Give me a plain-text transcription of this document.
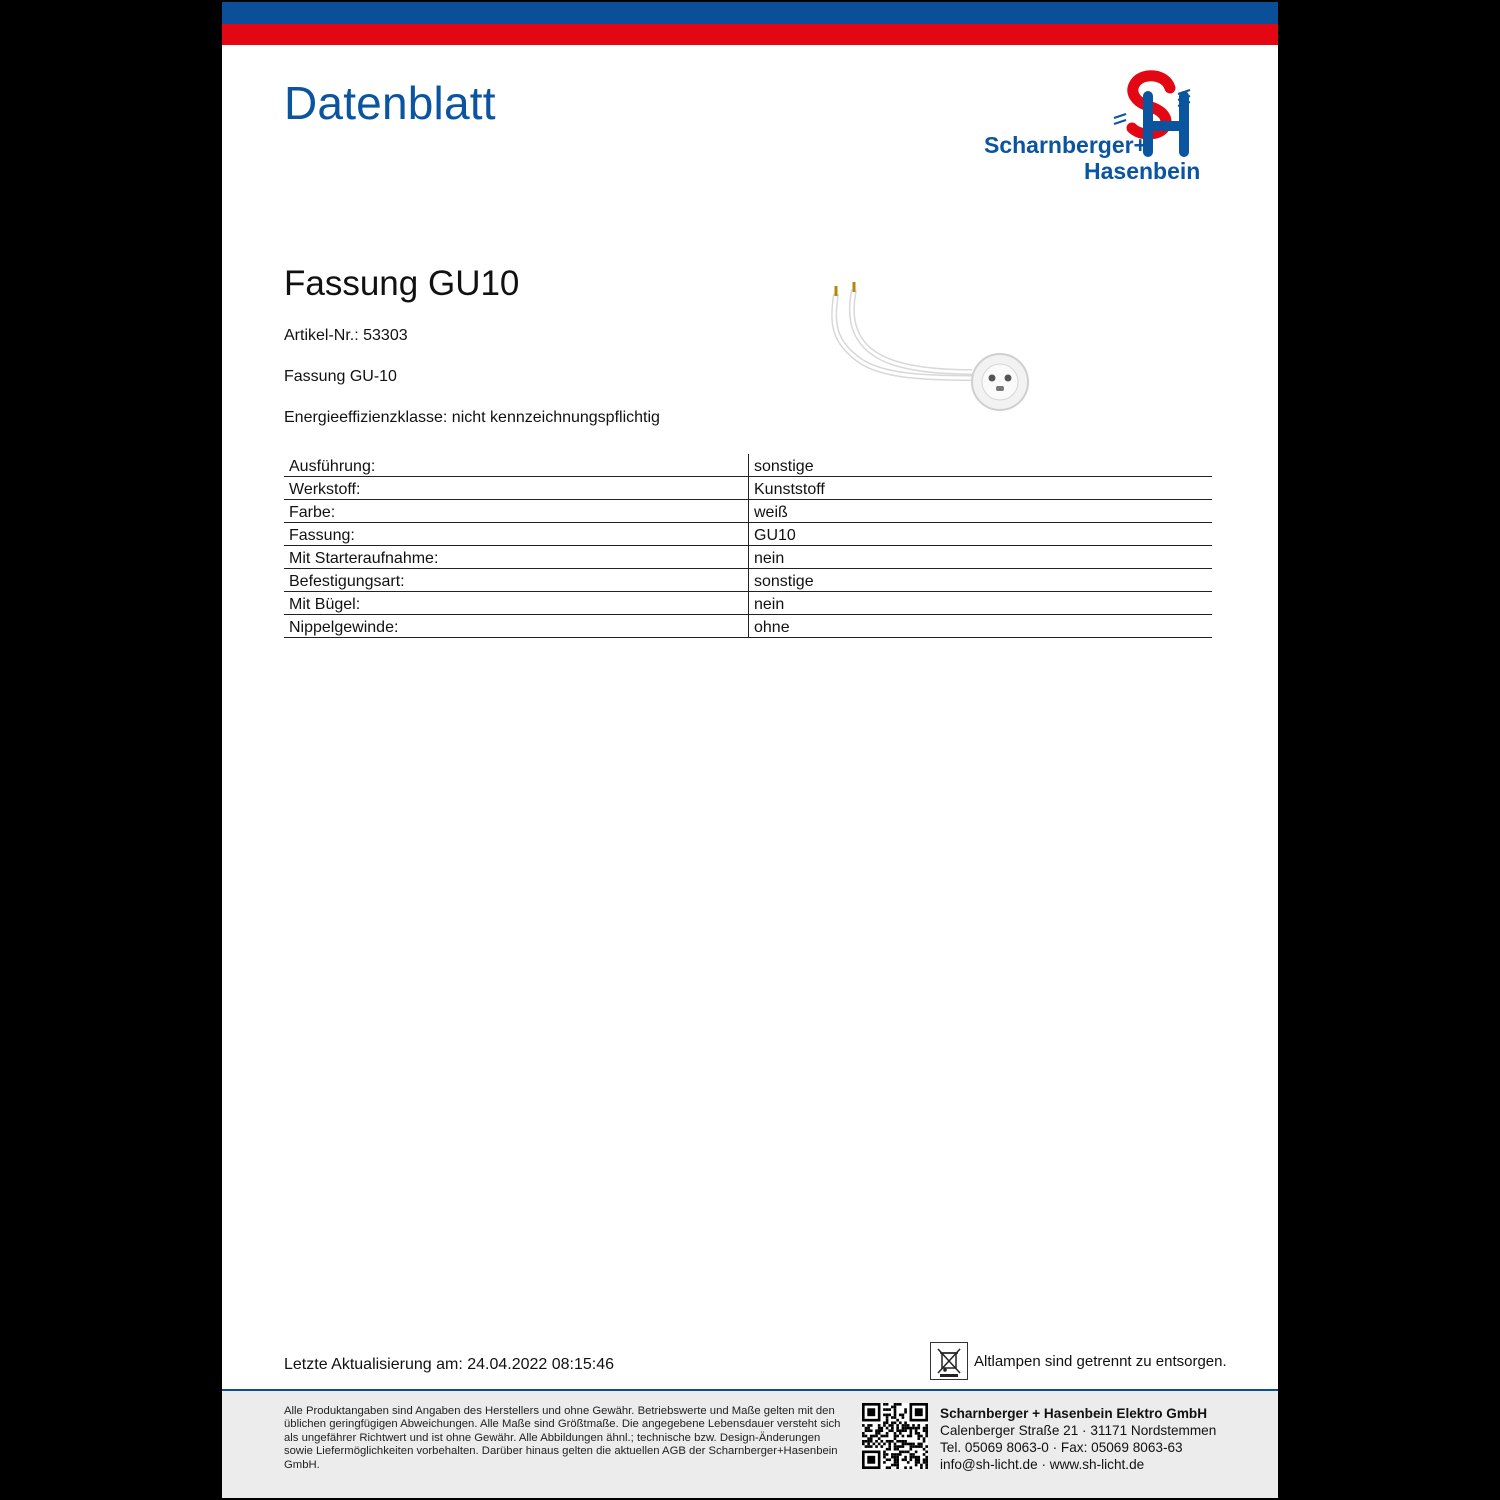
Datenblatt
Scharnberger+
Hasenbein
Fassung GU10
Artikel-Nr.: 53303
Fassung GU-10
Energieeffizienzklasse: nicht kennzeichnungspflichtig
Ausführung:	sonstige
Werkstoff:	Kunststoff
Farbe:	weiß
Fassung:	GU10
Mit Starteraufnahme:	nein
Befestigungsart:	sonstige
Mit Bügel:	nein
Nippelgewinde:	ohne
Letzte Aktualisierung am: 24.04.2022 08:15:46	Altlampen sind getrennt zu entsorgen.
Alle Produktangaben sind Angaben des Herstellers und ohne Gewähr. Betriebswerte und Maße gelten mit den üblichen geringfügigen Abweichungen. Alle Maße sind Größtmaße. Die angegebene Lebensdauer versteht sich als ungefährer Richtwert und ist ohne Gewähr. Alle Abbildungen ähnl.; technische bzw. Design-Änderungen sowie Liefermöglichkeiten vorbehalten. Darüber hinaus gelten die aktuellen AGB der Scharnberger+Hasenbein GmbH.
Scharnberger + Hasenbein Elektro GmbH
Calenberger Straße 21 · 31171 Nordstemmen
Tel. 05069 8063-0 · Fax: 05069 8063-63
info@sh-licht.de · www.sh-licht.de
